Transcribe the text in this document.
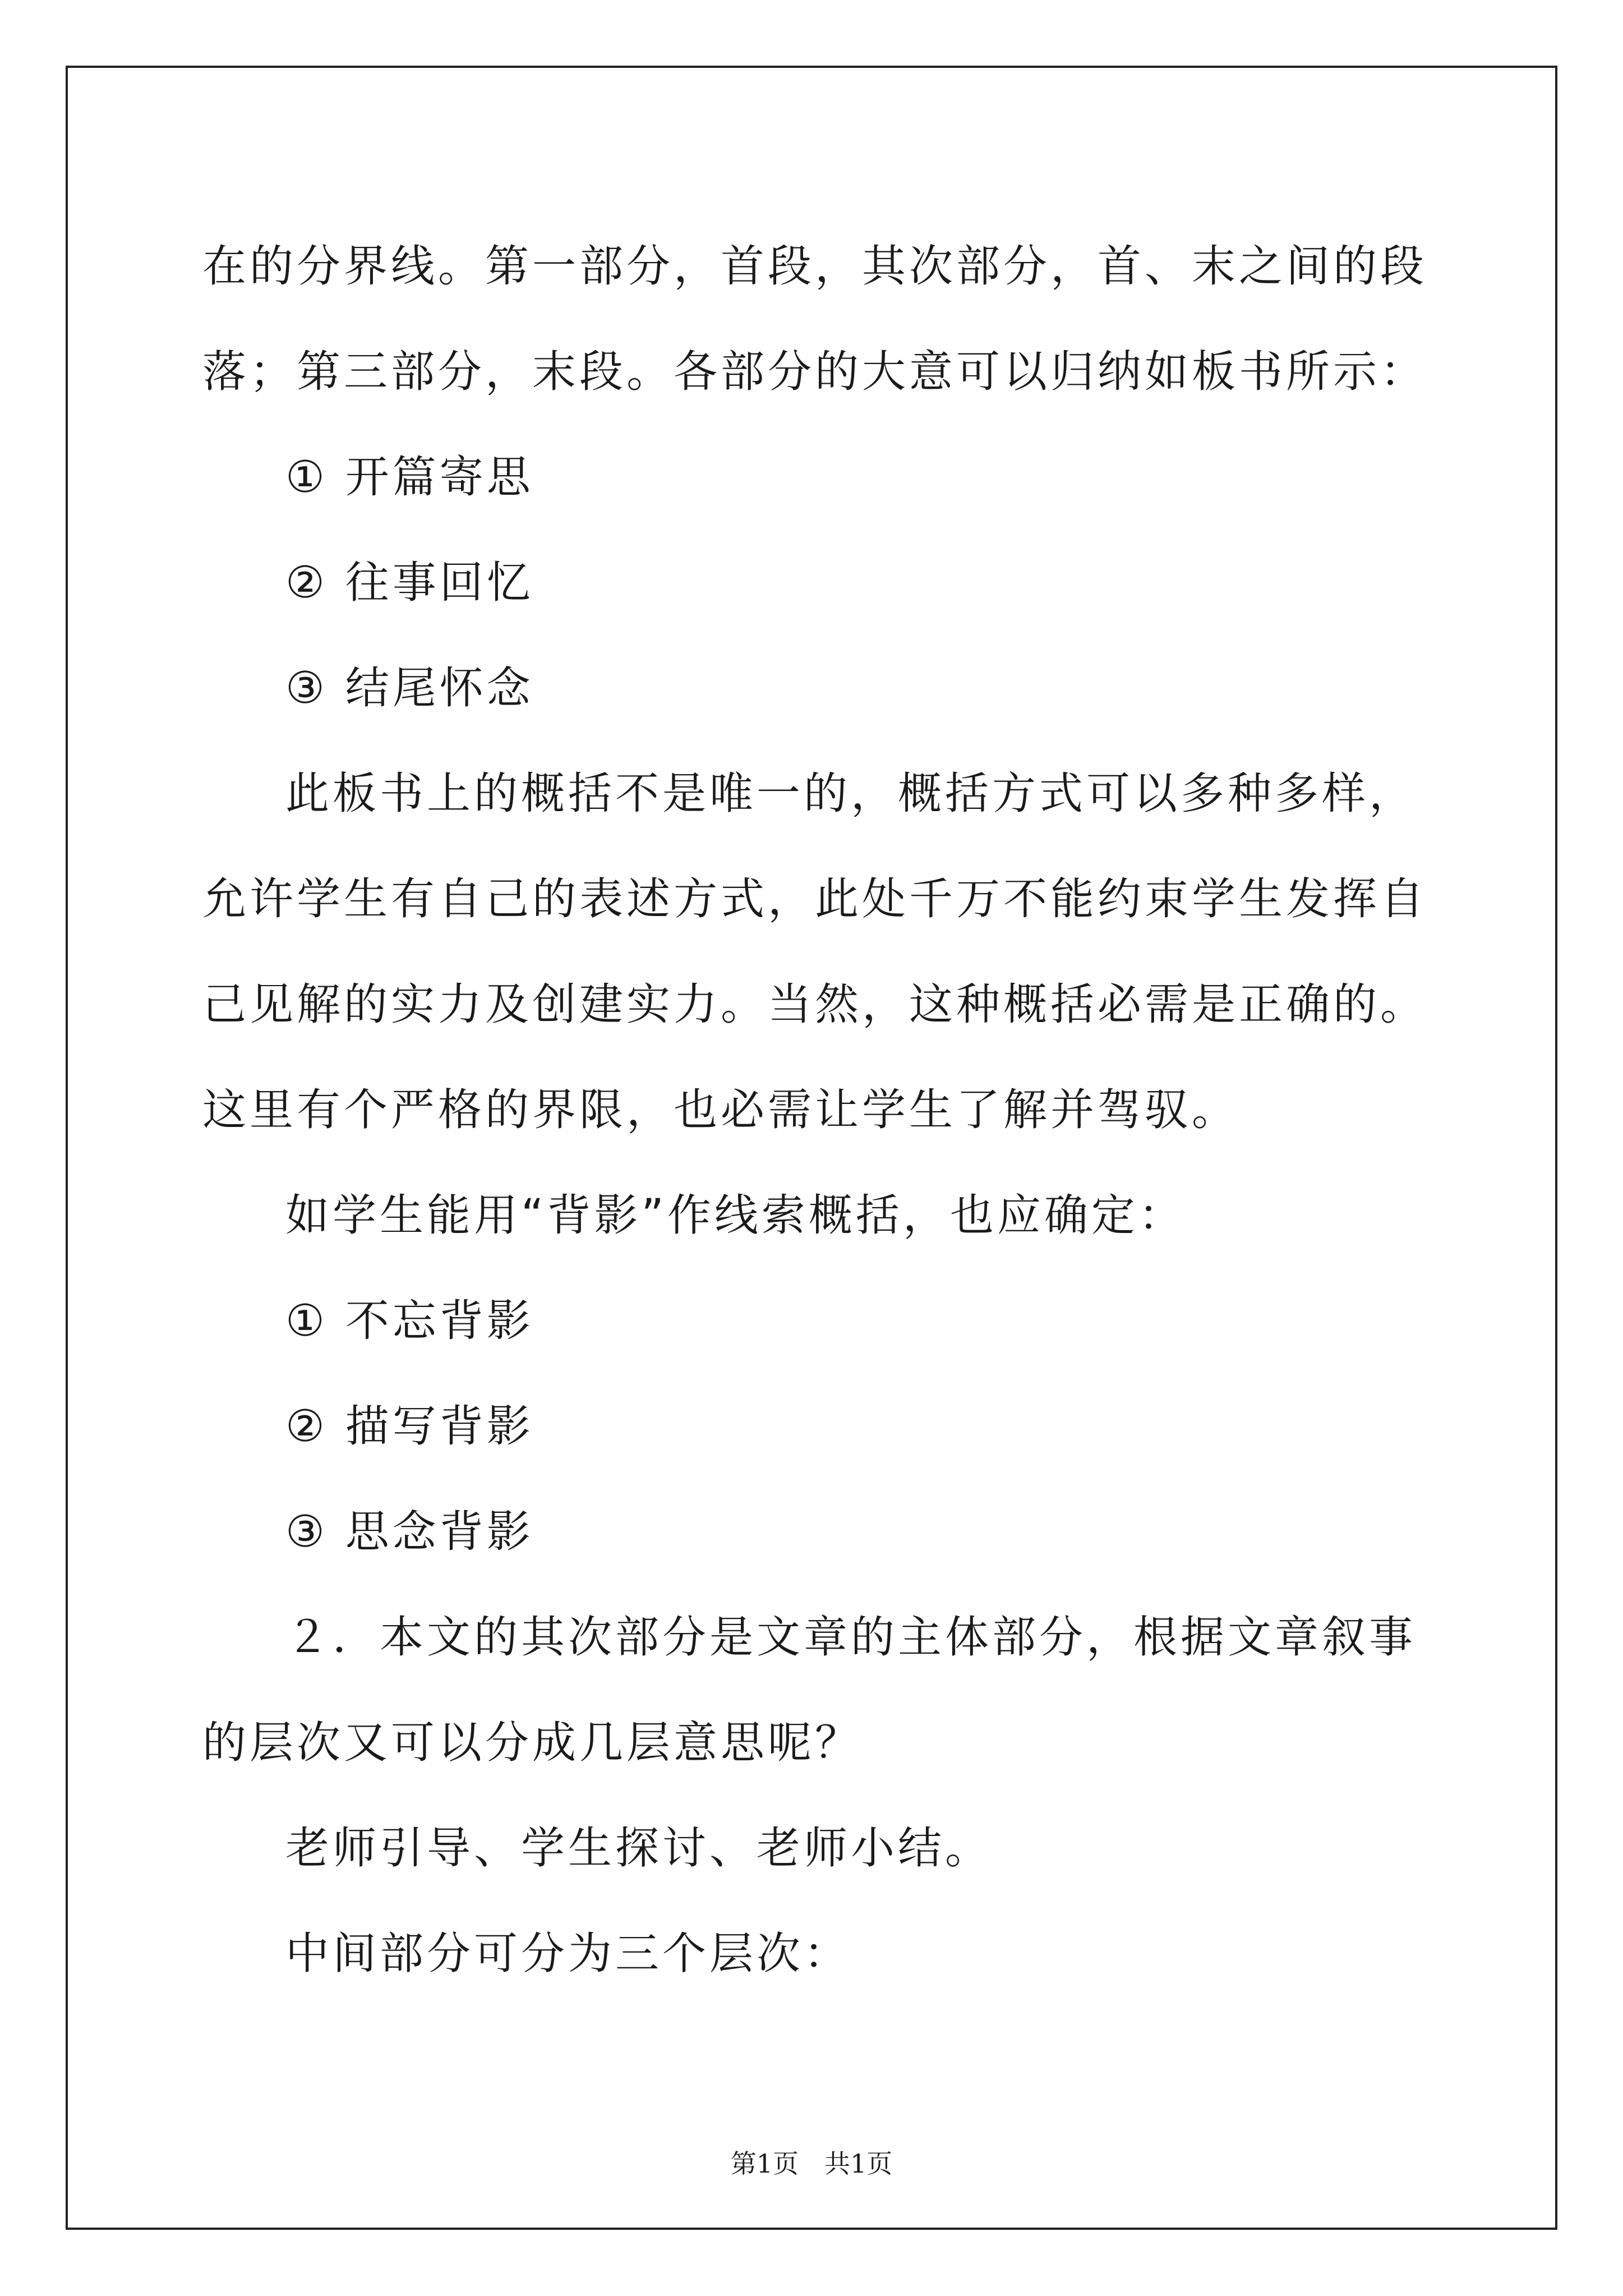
在的分界线。第一部分，首段，其次部分，首、末之间的段落；第三部分，末段。各部分的大意可以归纳如板书所示：

① 开篇寄思

② 往事回忆

③ 结尾怀念

此板书上的概括不是唯一的，概括方式可以多种多样，允许学生有自己的表述方式，此处千万不能约束学生发挥自己见解的实力及创建实力。当然，这种概括必需是正确的。这里有个严格的界限，也必需让学生了解并驾驭。

如学生能用“背影”作线索概括，也应确定：

① 不忘背影

② 描写背影

③ 思念背影

２．本文的其次部分是文章的主体部分，根据文章叙事的层次又可以分成几层意思呢？

老师引导、学生探讨、老师小结。

中间部分可分为三个层次：

第1页　共1页
